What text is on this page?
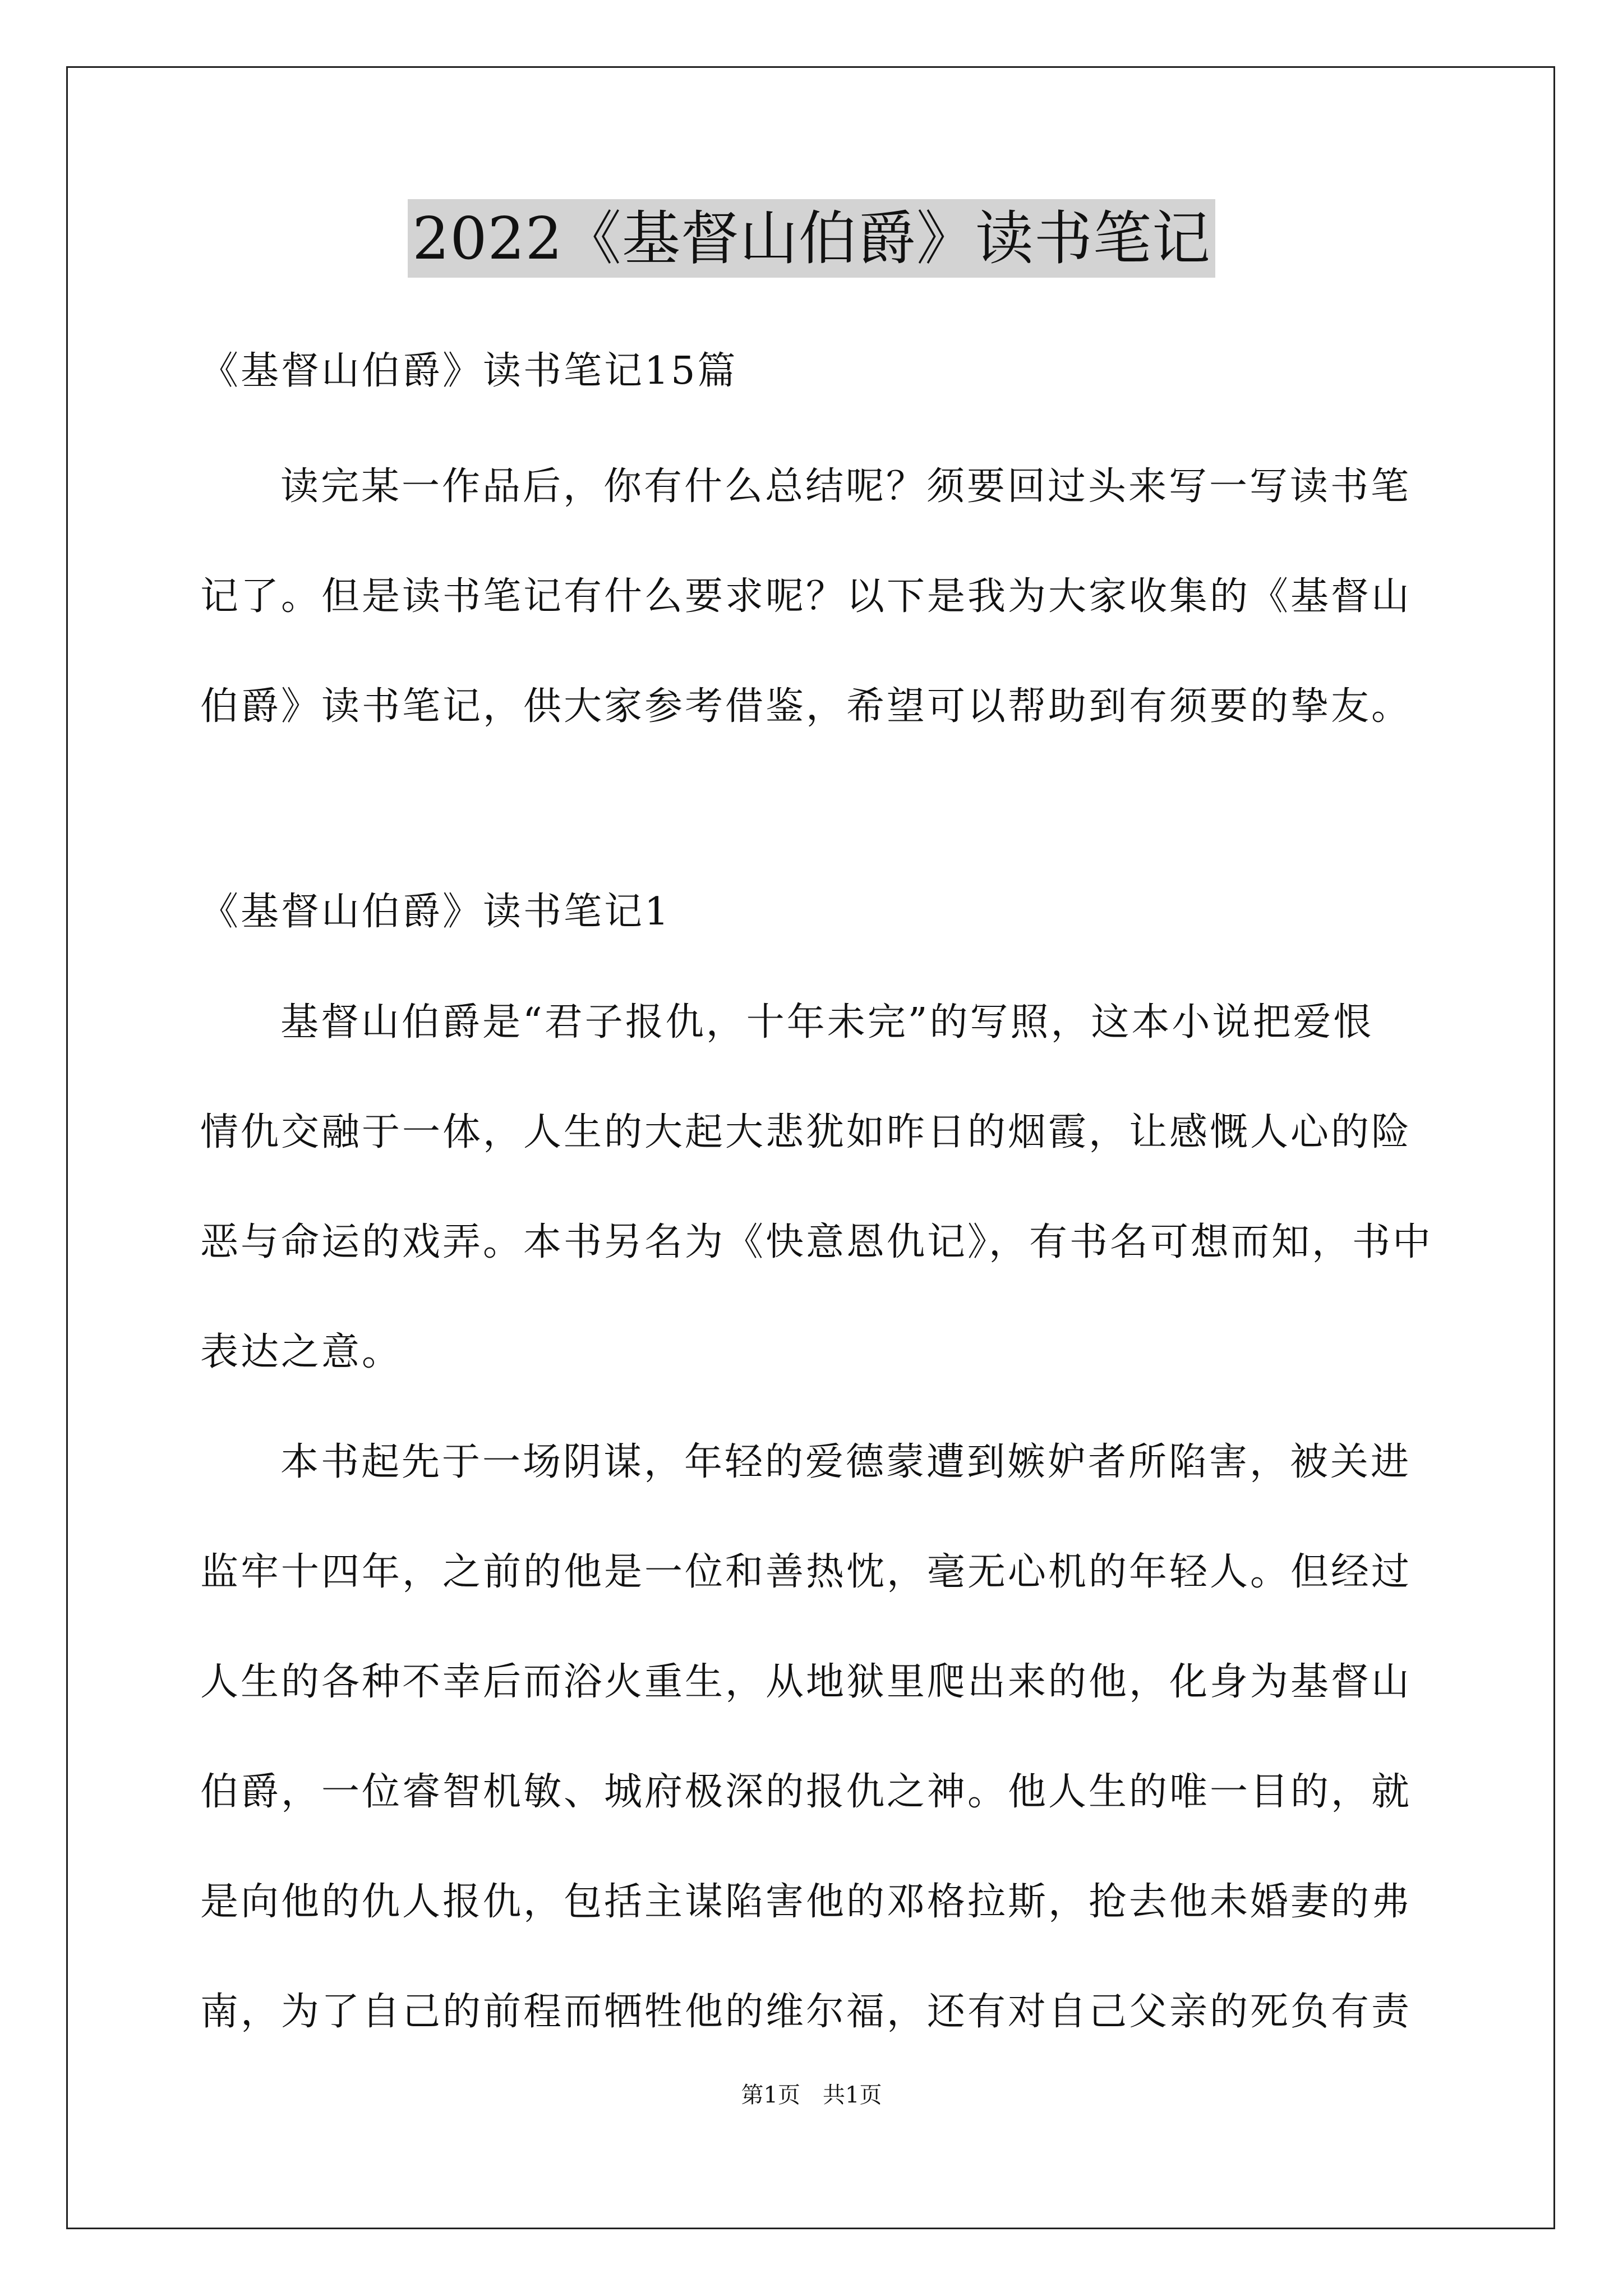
2022《基督山伯爵》读书笔记
《基督山伯爵》读书笔记15篇
读完某一作品后，你有什么总结呢？须要回过头来写一写读书笔
记了。但是读书笔记有什么要求呢？以下是我为大家收集的《基督山
伯爵》读书笔记，供大家参考借鉴，希望可以帮助到有须要的挚友。
《基督山伯爵》读书笔记1
基督山伯爵是“君子报仇，十年未完”的写照，这本小说把爱恨
情仇交融于一体，人生的大起大悲犹如昨日的烟霞，让感慨人心的险
恶与命运的戏弄。本书另名为《快意恩仇记》，有书名可想而知，书中
表达之意。
本书起先于一场阴谋，年轻的爱德蒙遭到嫉妒者所陷害，被关进
监牢十四年，之前的他是一位和善热忱，毫无心机的年轻人。但经过
人生的各种不幸后而浴火重生，从地狱里爬出来的他，化身为基督山
伯爵，一位睿智机敏、城府极深的报仇之神。他人生的唯一目的，就
是向他的仇人报仇，包括主谋陷害他的邓格拉斯，抢去他未婚妻的弗
南，为了自己的前程而牺牲他的维尔福，还有对自己父亲的死负有责
第1页　共1页
